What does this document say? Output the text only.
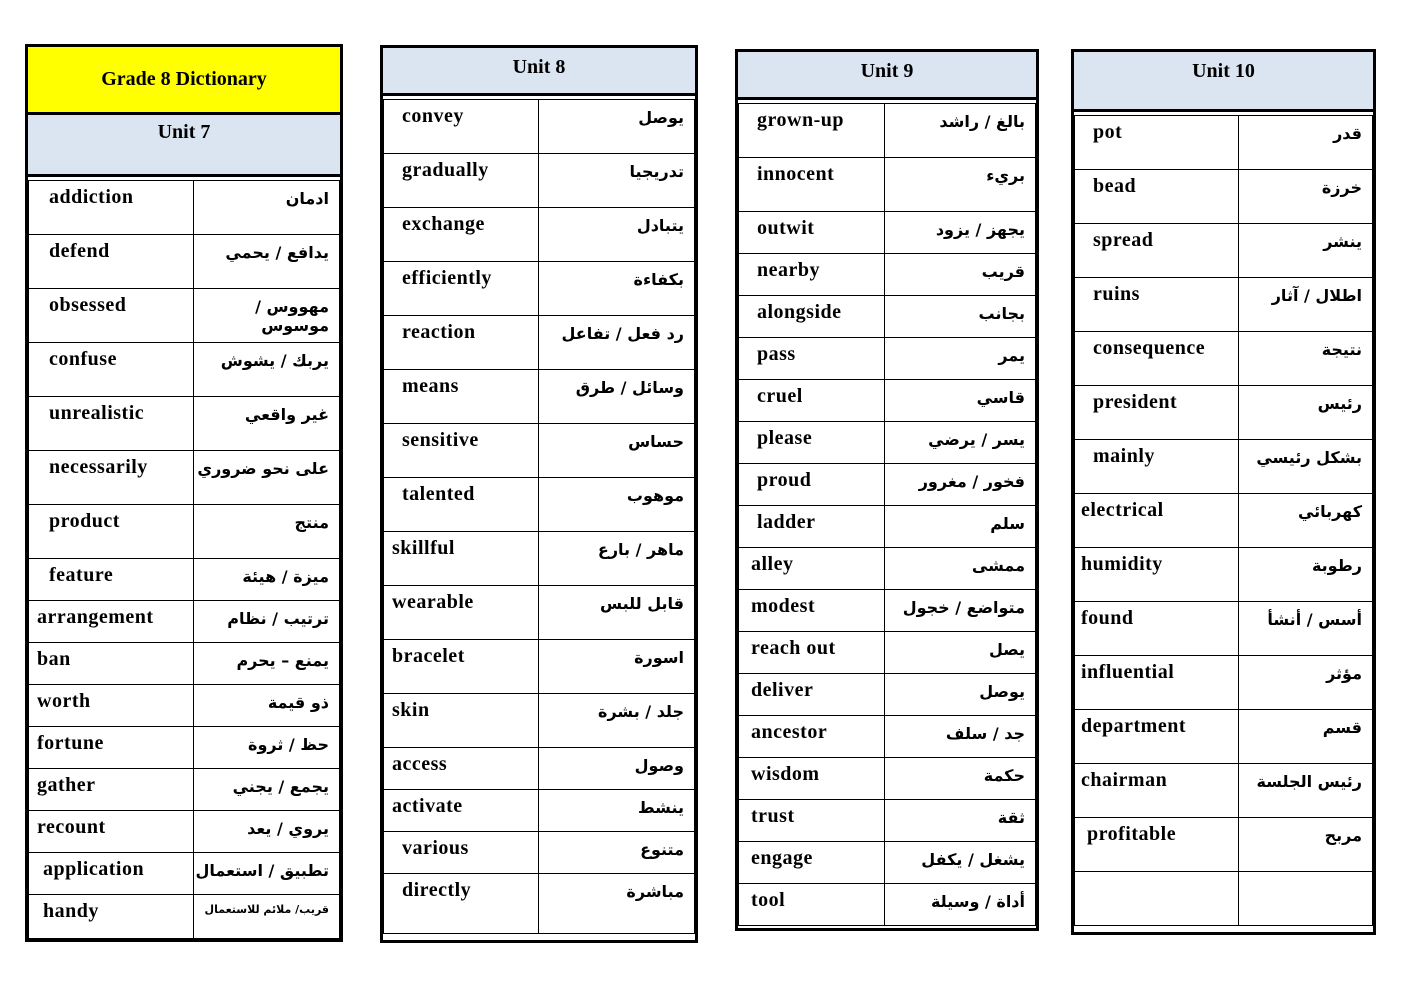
Grade 8 Dictionary
Unit 7
addiction	ادمان
defend	يدافع / يحمي
obsessed	مهووس / موسوس
confuse	يربك / يشوش
unrealistic	غير واقعي
necessarily	على نحو ضروري
product	منتج
feature	ميزة / هيئة
arrangement	ترتيب / نظام
ban	يمنع – يحرم
worth	ذو قيمة
fortune	حظ / ثروة
gather	يجمع / يجني
recount	يروي / يعد
application	تطبيق / استعمال
handy	قريب/ ملائم للاستعمال
Unit 8
convey	يوصل
gradually	تدريجيا
exchange	يتبادل
efficiently	بكفاءة
reaction	رد فعل / تفاعل
means	وسائل / طرق
sensitive	حساس
talented	موهوب
skillful	ماهر / بارع
wearable	قابل للبس
bracelet	اسورة
skin	جلد / بشرة
access	وصول
activate	ينشط
various	متنوع
directly	مباشرة
Unit 9
grown-up	بالغ / راشد
innocent	بريء
outwit	يجهز / يزود
nearby	قريب
alongside	بجانب
pass	يمر
cruel	قاسي
please	يسر / يرضي
proud	فخور / مغرور
ladder	سلم
alley	ممشى
modest	متواضع / خجول
reach out	يصل
deliver	يوصل
ancestor	جد / سلف
wisdom	حكمة
trust	ثقة
engage	يشغل / يكفل
tool	أداة / وسيلة
Unit 10
pot	قدر
bead	خرزة
spread	ينشر
ruins	اطلال / آثار
consequence	نتيجة
president	رئيس
mainly	بشكل رئيسي
electrical	كهربائي
humidity	رطوبة
found	أسس / أنشأ
influential	مؤثر
department	قسم
chairman	رئيس الجلسة
profitable	مربح
